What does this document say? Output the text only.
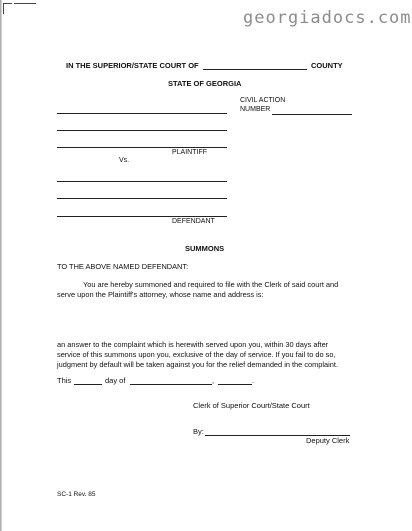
georgiadocs.com
IN THE SUPERIOR/STATE COURT OF	COUNTY
STATE OF GEORGIA
CIVIL ACTION
NUMBER
PLAINTIFF
Vs.
DEFENDANT
SUMMONS
TO THE ABOVE NAMED DEFENDANT:
You are hereby summoned and required to file with the Clerk of said court and
serve upon the Plaintiff's attorney, whose name and address is:
an answer to the complaint which is herewith served upon you, within 30 days after
service of this summons upon you, exclusive of the day of service. If you fail to do so,
judgment by default will be taken against you for the relief demanded in the complaint.
This	day of	,	.
Clerk of Superior Court/State Court
By:
Deputy Clerk
SC-1 Rev. 85
